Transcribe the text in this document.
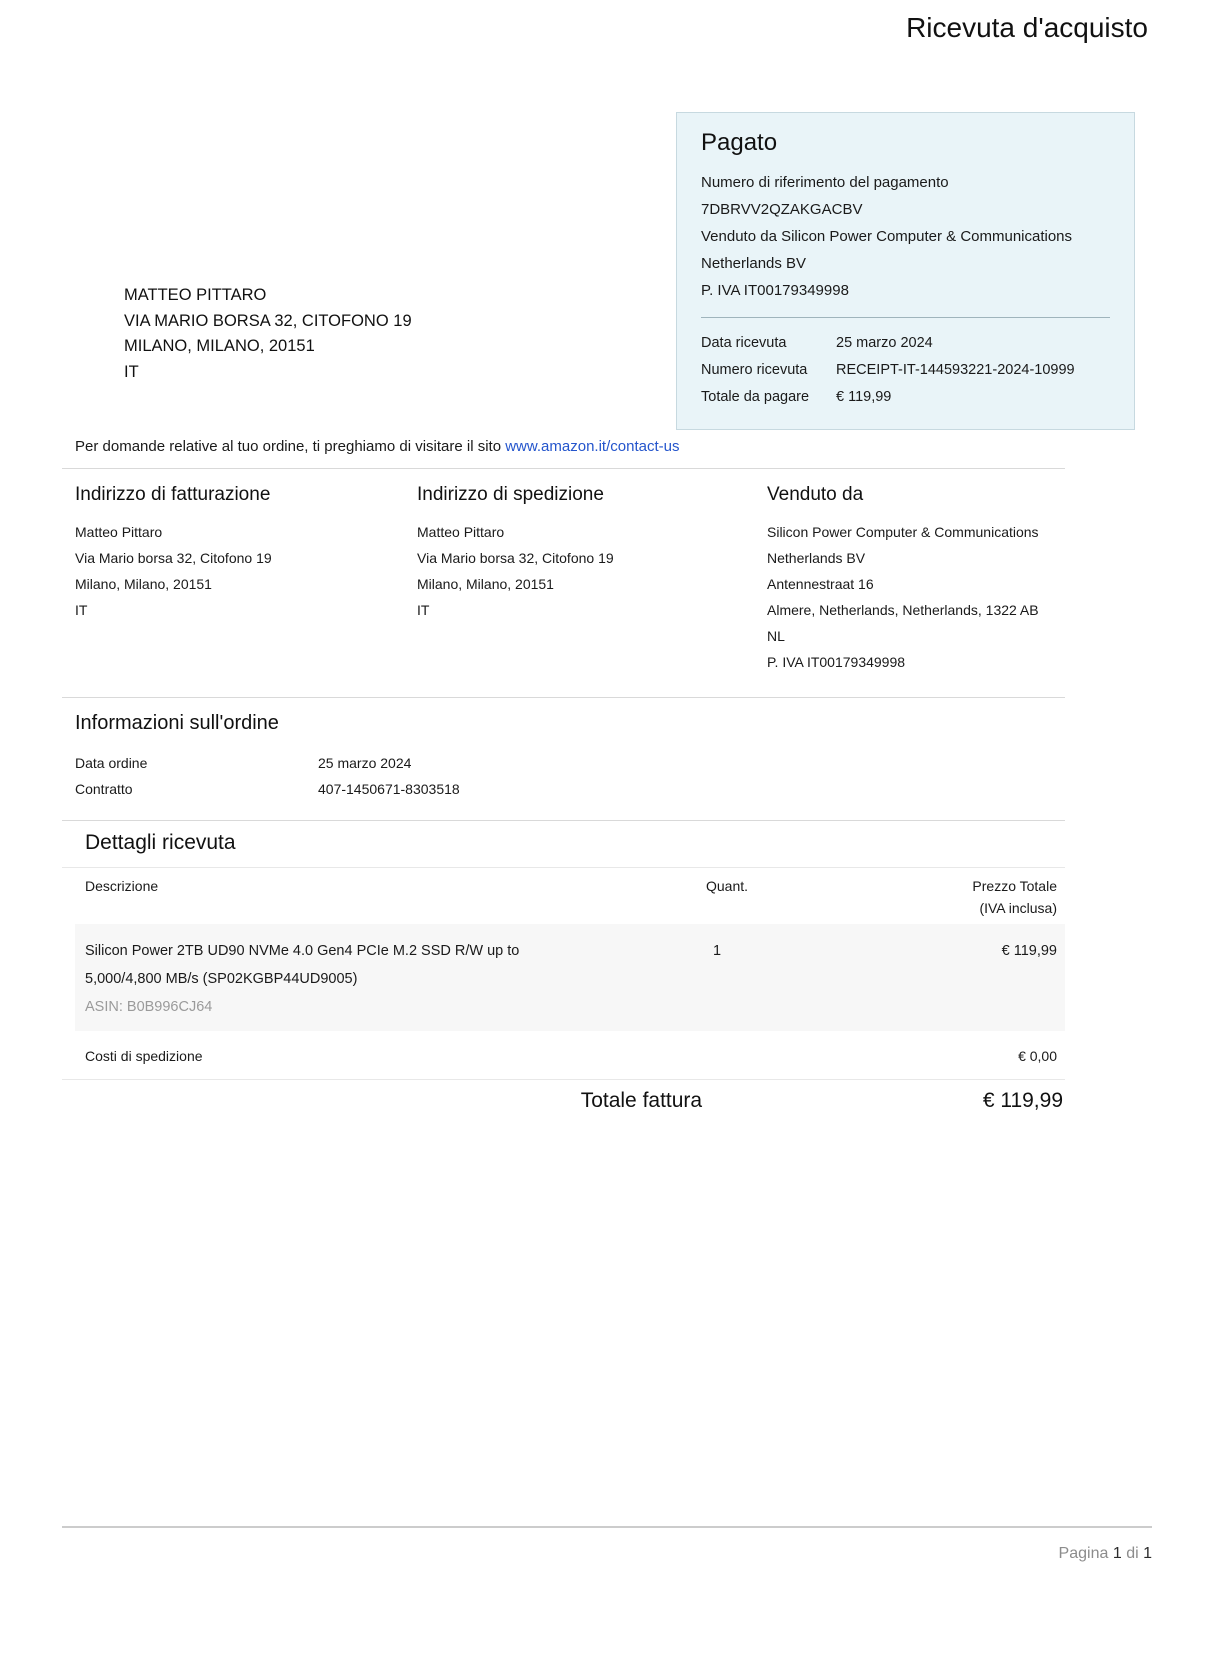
Ricevuta d'acquisto
Pagato
Numero di riferimento del pagamento 7DBRVV2QZAKGACBV
Venduto da Silicon Power Computer & Communications Netherlands BV
P. IVA IT00179349998
Data ricevuta	25 marzo 2024
Numero ricevuta	RECEIPT-IT-144593221-2024-10999
Totale da pagare	€ 119,99
MATTEO PITTARO
VIA MARIO BORSA 32, CITOFONO 19
MILANO, MILANO, 20151
IT
Per domande relative al tuo ordine, ti preghiamo di visitare il sito www.amazon.it/contact-us
Indirizzo di fatturazione
Matteo Pittaro
Via Mario borsa 32, Citofono 19
Milano, Milano, 20151
IT
Indirizzo di spedizione
Matteo Pittaro
Via Mario borsa 32, Citofono 19
Milano, Milano, 20151
IT
Venduto da
Silicon Power Computer & Communications
Netherlands BV
Antennestraat 16
Almere, Netherlands, Netherlands, 1322 AB
NL
P. IVA IT00179349998
Informazioni sull'ordine
Data ordine	25 marzo 2024
Contratto	407-1450671-8303518
Dettagli ricevuta
Descrizione	Quant.	Prezzo Totale
(IVA inclusa)
Silicon Power 2TB UD90 NVMe 4.0 Gen4 PCIe M.2 SSD R/W up to 5,000/4,800 MB/s (SP02KGBP44UD9005)
ASIN: B0B996CJ64
1	€ 119,99
Costi di spedizione	€ 0,00
Totale fattura	€ 119,99
Pagina 1 di 1
